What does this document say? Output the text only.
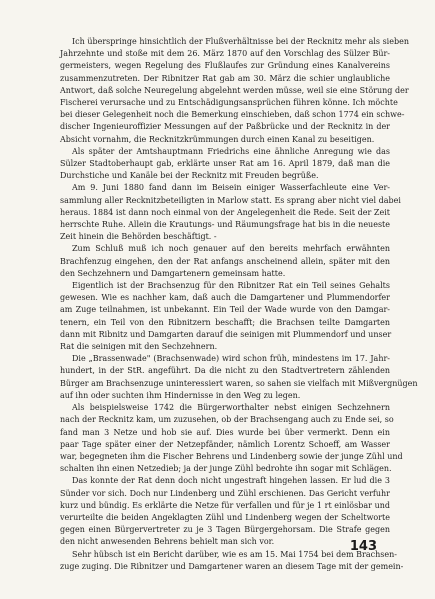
Ich überspringe hinsichtlich der Flußverhältnisse bei der Recknitz mehr als sieben
Jahrzehnte und stoße mit dem 26. März 1870 auf den Vorschlag des Sülzer Bür-
germeisters, wegen Regelung des Flußlaufes zur Gründung eines Kanalvereins
zusammenzutreten. Der Ribnitzer Rat gab am 30. März die schier unglaubliche
Antwort, daß solche Neuregelung abgelehnt werden müsse, weil sie eine Störung der
Fischerei verursache und zu Entschädigungsansprüchen führen könne. Ich möchte
bei dieser Gelegenheit noch die Bemerkung einschieben, daß schon 1774 ein schwe-
discher Ingenieuroffizier Messungen auf der Paßbrücke und der Recknitz in der
Absicht vornahm, die Recknitzkrümmungen durch einen Kanal zu beseitigen.

Als später der Amtshauptmann Friedrichs eine ähnliche Anregung wie das
Sülzer Stadtoberhaupt gab, erklärte unser Rat am 16. April 1879, daß man die
Durchstiche und Kanäle bei der Recknitz mit Freuden begrüße.

Am 9. Juni 1880 fand dann im Beisein einiger Wasserfachleute eine Ver-
sammlung aller Recknitzbeteiligten in Marlow statt. Es sprang aber nicht viel dabei
heraus. 1884 ist dann noch einmal von der Angelegenheit die Rede. Seit der Zeit
herrschte Ruhe. Allein die Krautungs- und Räumungsfrage hat bis in die neueste
Zeit hinein die Behörden beschäftigt. -

Zum Schluß muß ich noch genauer auf den bereits mehrfach erwähnten
Brachfenzug eingehen, den der Rat anfangs anscheinend allein, später mit den
den Sechzehnern und Damgartenern gemeinsam hatte.

Eigentlich ist der Brachsenzug für den Ribnitzer Rat ein Teil seines Gehalts
gewesen. Wie es nachher kam, daß auch die Damgartener und Plummendorfer
am Zuge teilnahmen, ist unbekannt. Ein Teil der Wade wurde von den Damgar-
tenern, ein Teil von den Ribnitzern beschafft; die Brachsen teilte Damgarten
dann mit Ribnitz und Damgarten darauf die seinigen mit Plummendorf und unser
Rat die seinigen mit den Sechzehnern.

Die „Brassenwade" (Brachsenwade) wird schon früh, mindestens im 17. Jahr-
hundert, in der StR. angeführt. Da die nicht zu den Stadtvertretern zählenden
Bürger am Brachsenzuge uninteressiert waren, so sahen sie vielfach mit Mißvergnügen
auf ihn oder suchten ihm Hindernisse in den Weg zu legen.

Als beispielsweise 1742 die Bürgerworthalter nebst einigen Sechzehnern
nach der Recknitz kam, um zuzusehen, ob der Brachsengang auch zu Ende sei, so
fand man 3 Netze und hob sie auf. Dies wurde bei über vermerkt. Denn ein
paar Tage später einer der Netzepfänder, nämlich Lorentz Schoeff, am Wasser
war, begegneten ihm die Fischer Behrens und Lindenberg sowie der junge Zühl und
schalten ihn einen Netzedieb; ja der junge Zühl bedrohte ihn sogar mit Schlägen.

Das konnte der Rat denn doch nicht ungestraft hingehen lassen. Er lud die 3
Sünder vor sich. Doch nur Lindenberg und Zühl erschienen. Das Gericht verfuhr
kurz und bündig. Es erklärte die Netze für verfallen und für je 1 rt einlösbar und
verurteilte die beiden Angeklagten Zühl und Lindenberg wegen der Scheltworte
gegen einen Bürgervertreter zu je 3 Tagen Bürgergehorsam. Die Strafe gegen
den nicht anwesenden Behrens behielt man sich vor.

Sehr hübsch ist ein Bericht darüber, wie es am 15. Mai 1754 bei dem Brachsen-
zuge zuging. Die Ribnitzer und Damgartener waren an diesem Tage mit der gemein-

143
